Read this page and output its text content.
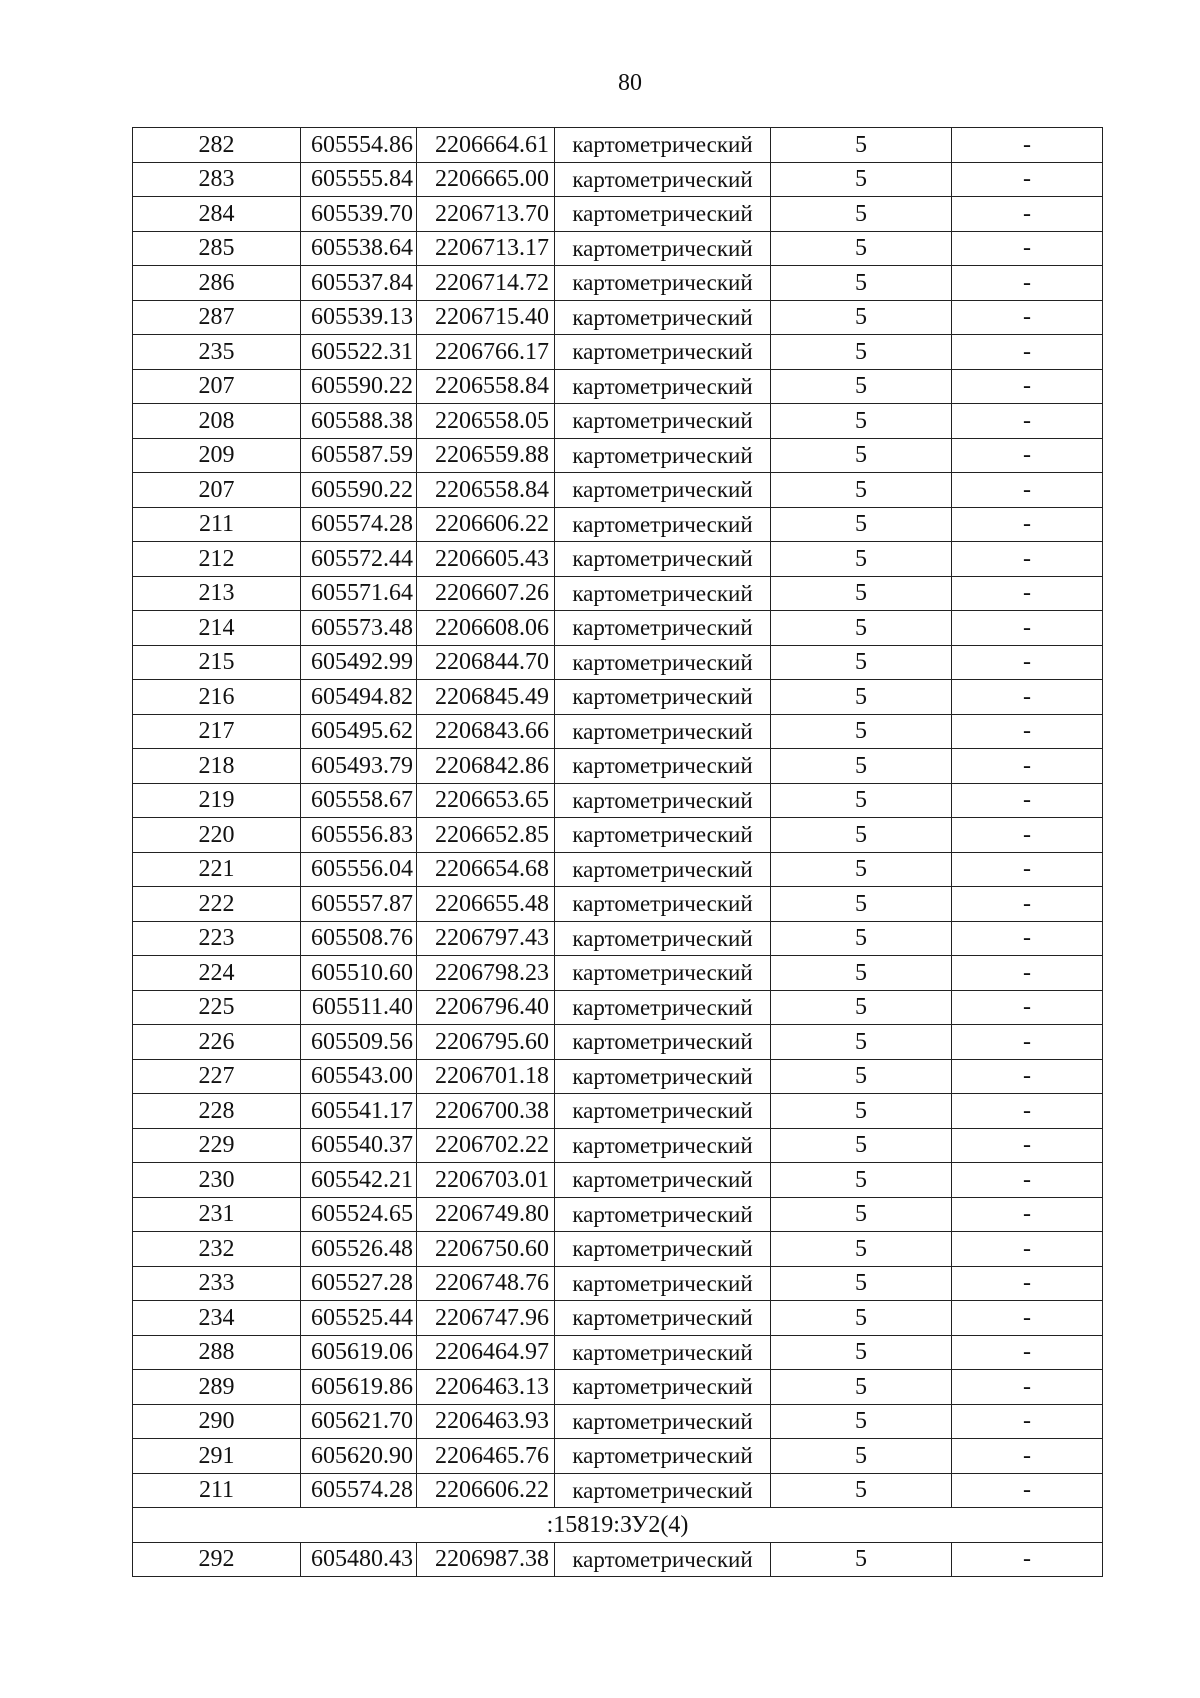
80
282	605554.86	2206664.61	картометрический	5	-
283	605555.84	2206665.00	картометрический	5	-
284	605539.70	2206713.70	картометрический	5	-
285	605538.64	2206713.17	картометрический	5	-
286	605537.84	2206714.72	картометрический	5	-
287	605539.13	2206715.40	картометрический	5	-
235	605522.31	2206766.17	картометрический	5	-
207	605590.22	2206558.84	картометрический	5	-
208	605588.38	2206558.05	картометрический	5	-
209	605587.59	2206559.88	картометрический	5	-
207	605590.22	2206558.84	картометрический	5	-
211	605574.28	2206606.22	картометрический	5	-
212	605572.44	2206605.43	картометрический	5	-
213	605571.64	2206607.26	картометрический	5	-
214	605573.48	2206608.06	картометрический	5	-
215	605492.99	2206844.70	картометрический	5	-
216	605494.82	2206845.49	картометрический	5	-
217	605495.62	2206843.66	картометрический	5	-
218	605493.79	2206842.86	картометрический	5	-
219	605558.67	2206653.65	картометрический	5	-
220	605556.83	2206652.85	картометрический	5	-
221	605556.04	2206654.68	картометрический	5	-
222	605557.87	2206655.48	картометрический	5	-
223	605508.76	2206797.43	картометрический	5	-
224	605510.60	2206798.23	картометрический	5	-
225	605511.40	2206796.40	картометрический	5	-
226	605509.56	2206795.60	картометрический	5	-
227	605543.00	2206701.18	картометрический	5	-
228	605541.17	2206700.38	картометрический	5	-
229	605540.37	2206702.22	картометрический	5	-
230	605542.21	2206703.01	картометрический	5	-
231	605524.65	2206749.80	картометрический	5	-
232	605526.48	2206750.60	картометрический	5	-
233	605527.28	2206748.76	картометрический	5	-
234	605525.44	2206747.96	картометрический	5	-
288	605619.06	2206464.97	картометрический	5	-
289	605619.86	2206463.13	картометрический	5	-
290	605621.70	2206463.93	картометрический	5	-
291	605620.90	2206465.76	картометрический	5	-
211	605574.28	2206606.22	картометрический	5	-
:15819:ЗУ2(4)					
292	605480.43	2206987.38	картометрический	5	-
